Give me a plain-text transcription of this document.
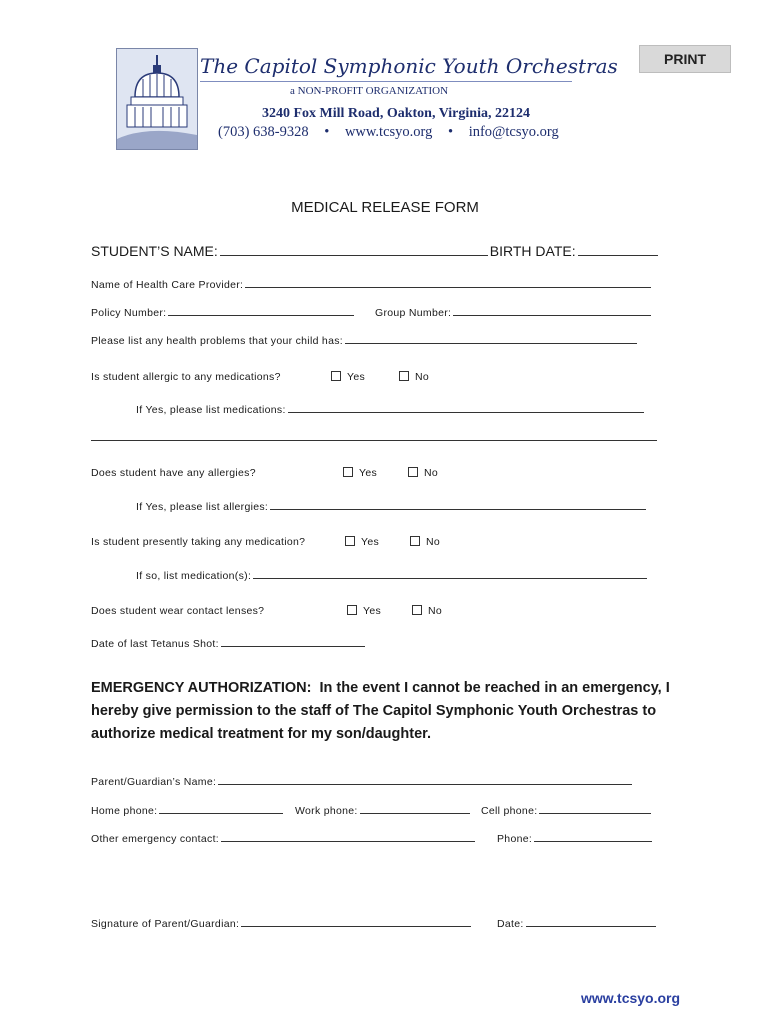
PRINT
The Capitol Symphonic Youth Orchestras
a NON-PROFIT ORGANIZATION
3240 Fox Mill Road, Oakton, Virginia, 22124
(703) 638-9328 • www.tcsyo.org • info@tcsyo.org
MEDICAL RELEASE FORM
STUDENT’S NAME:	BIRTH DATE:
Name of Health Care Provider:
Policy Number:	Group Number:
Please list any health problems that your child has:
Is student allergic to any medications?	Yes	No
If Yes, please list medications:
Does student have any allergies?	Yes	No
If Yes, please list allergies:
Is student presently taking any medication?	Yes	No
If so, list medication(s):
Does student wear contact lenses?	Yes	No
Date of last Tetanus Shot:
EMERGENCY AUTHORIZATION: In the event I cannot be reached in an emergency, I hereby give permission to the staff of The Capitol Symphonic Youth Orchestras to authorize medical treatment for my son/daughter.
Parent/Guardian’s Name:
Home phone:	Work phone:	Cell phone:
Other emergency contact:	Phone:
Signature of Parent/Guardian:	Date:
www.tcsyo.org
